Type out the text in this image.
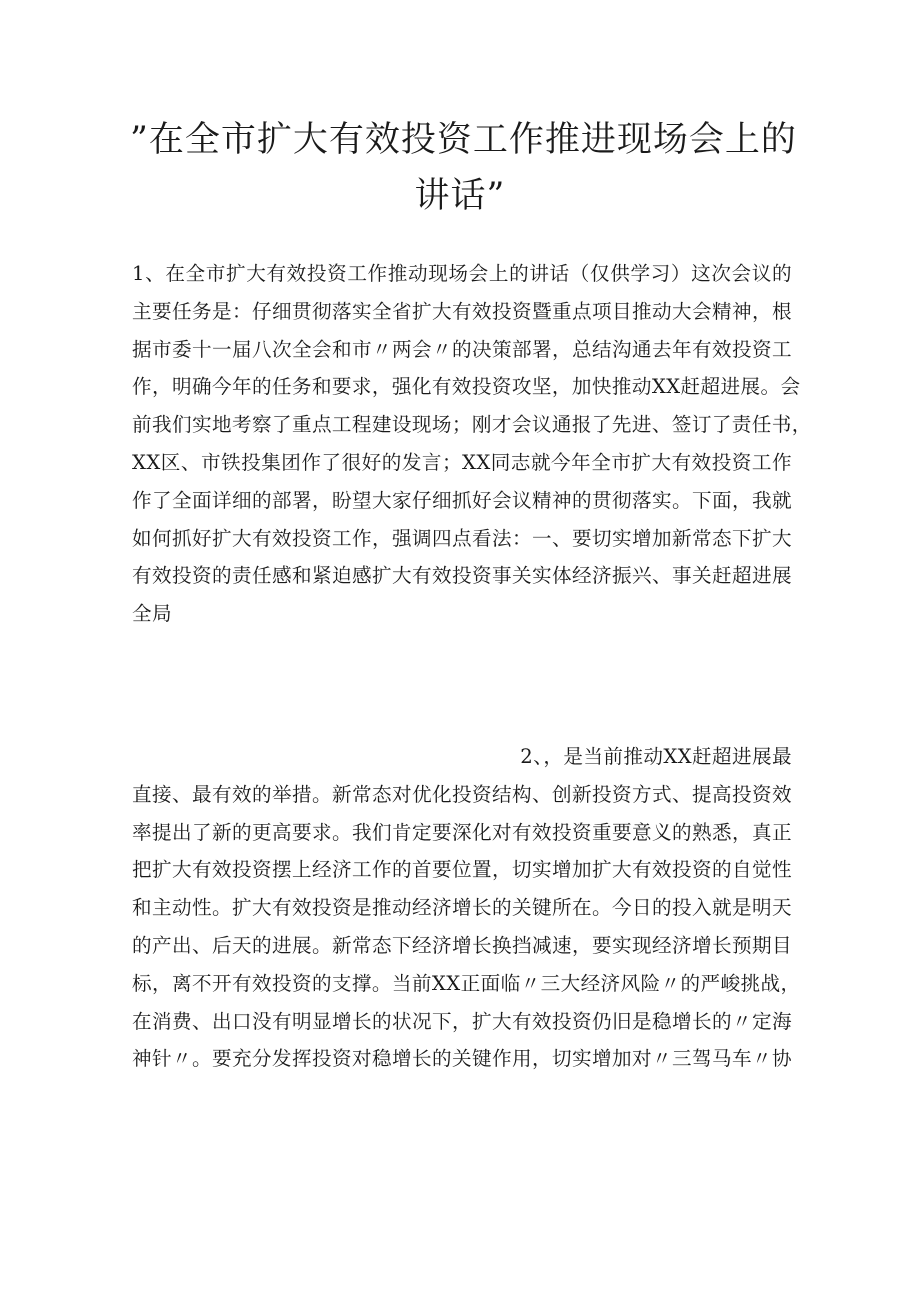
”在全市扩大有效投资工作推进现场会上的
讲话”
1、在全市扩大有效投资工作推动现场会上的讲话（仅供学习）这次会议的
主要任务是：仔细贯彻落实全省扩大有效投资暨重点项目推动大会精神，根
据市委十一届八次全会和市〃两会〃的决策部署，总结沟通去年有效投资工
作，明确今年的任务和要求，强化有效投资攻坚，加快推动XX赶超进展。会
前我们实地考察了重点工程建设现场；刚才会议通报了先进、签订了责任书，
XX区、市铁投集团作了很好的发言；XX同志就今年全市扩大有效投资工作
作了全面详细的部署，盼望大家仔细抓好会议精神的贯彻落实。下面，我就
如何抓好扩大有效投资工作，强调四点看法：一、要切实增加新常态下扩大
有效投资的责任感和紧迫感扩大有效投资事关实体经济振兴、事关赶超进展
全局
2、，是当前推动XX赶超进展最
直接、最有效的举措。新常态对优化投资结构、创新投资方式、提高投资效
率提出了新的更高要求。我们肯定要深化对有效投资重要意义的熟悉，真正
把扩大有效投资摆上经济工作的首要位置，切实增加扩大有效投资的自觉性
和主动性。扩大有效投资是推动经济增长的关键所在。今日的投入就是明天
的产出、后天的进展。新常态下经济增长换挡减速，要实现经济增长预期目
标，离不开有效投资的支撑。当前XX正面临〃三大经济风险〃的严峻挑战，
在消费、出口没有明显增长的状况下，扩大有效投资仍旧是稳增长的〃定海
神针〃。要充分发挥投资对稳增长的关键作用，切实增加对〃三驾马车〃协
